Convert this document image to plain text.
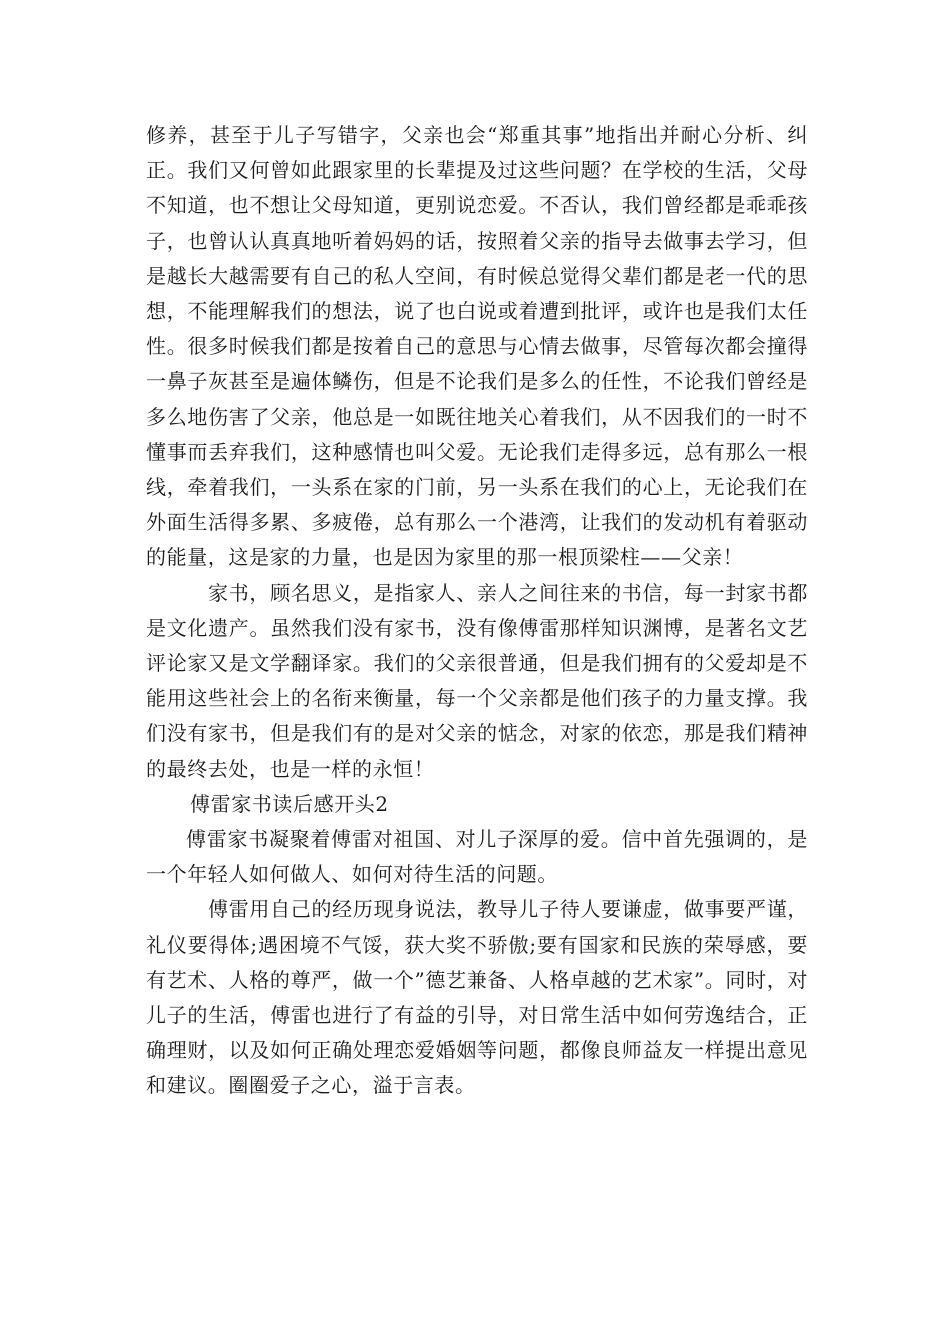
修养，甚至于儿子写错字，父亲也会“郑重其事”地指出并耐心分析、纠正。我们又何曾如此跟家里的长辈提及过这些问题？在学校的生活，父母不知道，也不想让父母知道，更别说恋爱。不否认，我们曾经都是乖乖孩子，也曾认认真真地听着妈妈的话，按照着父亲的指导去做事去学习，但是越长大越需要有自己的私人空间，有时候总觉得父辈们都是老一代的思想，不能理解我们的想法，说了也白说或着遭到批评，或许也是我们太任性。很多时候我们都是按着自己的意思与心情去做事，尽管每次都会撞得一鼻子灰甚至是遍体鳞伤，但是不论我们是多么的任性，不论我们曾经是多么地伤害了父亲，他总是一如既往地关心着我们，从不因我们的一时不懂事而丢弃我们，这种感情也叫父爱。无论我们走得多远，总有那么一根线，牵着我们，一头系在家的门前，另一头系在我们的心上，无论我们在外面生活得多累、多疲倦，总有那么一个港湾，让我们的发动机有着驱动的能量，这是家的力量，也是因为家里的那一根顶梁柱——父亲！

家书，顾名思义，是指家人、亲人之间往来的书信，每一封家书都是文化遗产。虽然我们没有家书，没有像傅雷那样知识渊博，是著名文艺评论家又是文学翻译家。我们的父亲很普通，但是我们拥有的父爱却是不能用这些社会上的名衔来衡量，每一个父亲都是他们孩子的力量支撑。我们没有家书，但是我们有的是对父亲的惦念，对家的依恋，那是我们精神的最终去处，也是一样的永恒！

傅雷家书读后感开头2

傅雷家书凝聚着傅雷对祖国、对儿子深厚的爱。信中首先强调的，是一个年轻人如何做人、如何对待生活的问题。

傅雷用自己的经历现身说法，教导儿子待人要谦虚，做事要严谨，礼仪要得体;遇困境不气馁，获大奖不骄傲;要有国家和民族的荣辱感，要有艺术、人格的尊严，做一个”德艺兼备、人格卓越的艺术家”。同时，对儿子的生活，傅雷也进行了有益的引导，对日常生活中如何劳逸结合，正确理财，以及如何正确处理恋爱婚姻等问题，都像良师益友一样提出意见和建议。圈圈爱子之心，溢于言表。
